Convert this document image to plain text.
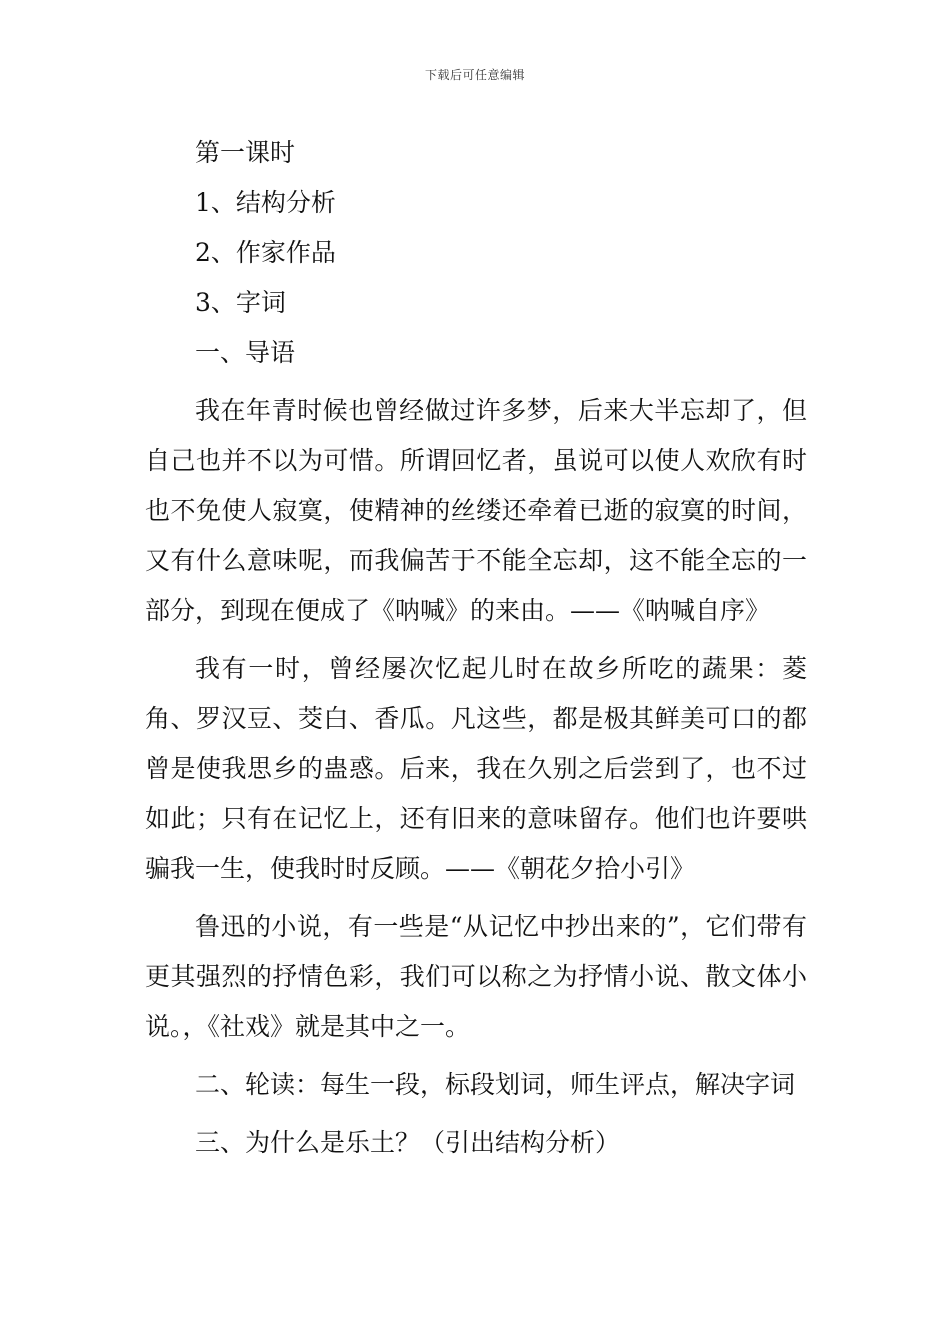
下载后可任意编辑
第一课时
1、结构分析
2、作家作品
3、字词
一、导语

我在年青时候也曾经做过许多梦，后来大半忘却了，但自己也并不以为可惜。所谓回忆者，虽说可以使人欢欣有时也不免使人寂寞，使精神的丝缕还牵着已逝的寂寞的时间，又有什么意味呢，而我偏苦于不能全忘却，这不能全忘的一部分，到现在便成了《呐喊》的来由。——《呐喊自序》

我有一时，曾经屡次忆起儿时在故乡所吃的蔬果：菱角、罗汉豆、茭白、香瓜。凡这些，都是极其鲜美可口的都曾是使我思乡的蛊惑。后来，我在久别之后尝到了，也不过如此；只有在记忆上，还有旧来的意味留存。他们也许要哄骗我一生，使我时时反顾。——《朝花夕拾小引》

鲁迅的小说，有一些是“从记忆中抄出来的”，它们带有更其强烈的抒情色彩，我们可以称之为抒情小说、散文体小说。，《社戏》就是其中之一。

二、轮读：每生一段，标段划词，师生评点，解决字词

三、为什么是乐土？（引出结构分析）
